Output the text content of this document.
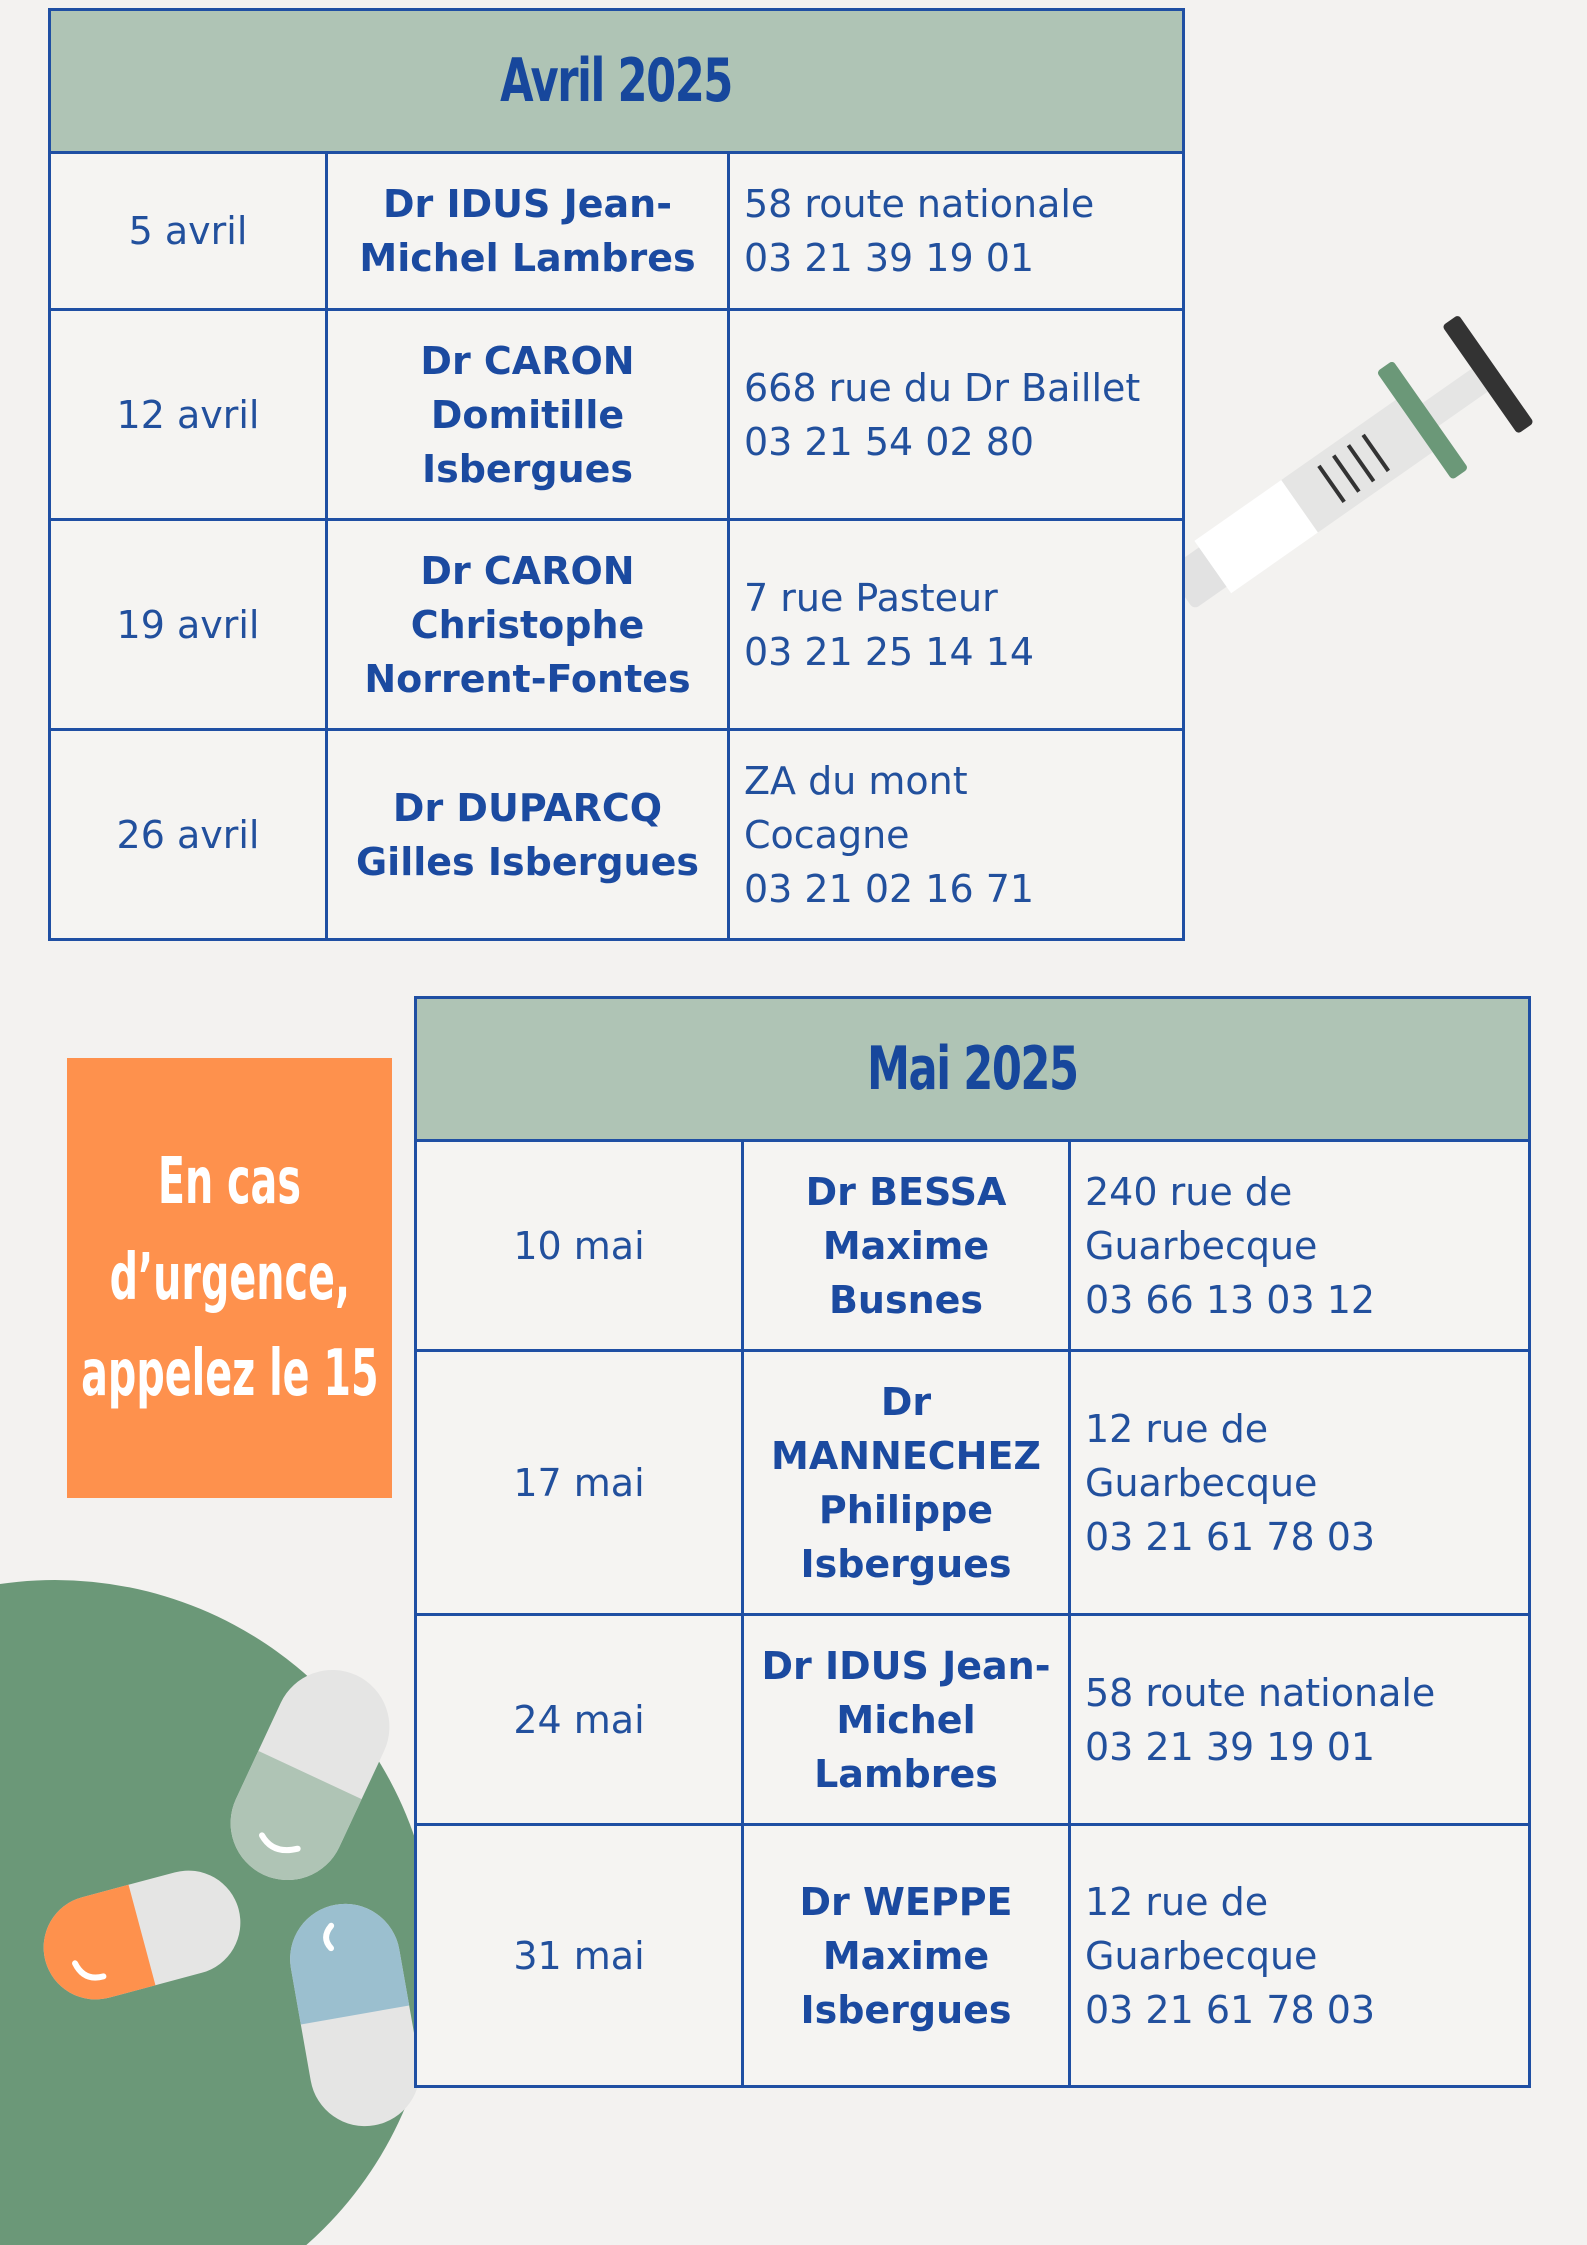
Avril 2025		
5 avril	Dr IDUS Jean-
Michel Lambres	58 route nationale
03 21 39 19 01

12 avril	Dr CARON
Domitille
Isbergues	668 rue du Dr Baillet
03 21 54 02 80

19 avril	Dr CARON
Christophe
Norrent-Fontes	7 rue Pasteur
03 21 25 14 14

26 avril	Dr DUPARCQ
Gilles Isbergues	ZA du mont
Cocagne
03 21 02 16 71
En cas
d’urgence,
appelez le 15
Mai 2025		
10 mai	Dr BESSA
Maxime
Busnes	240 rue de
Guarbecque
03 66 13 03 12

17 mai	Dr
MANNECHEZ
Philippe
Isbergues	12 rue de
Guarbecque
03 21 61 78 03

24 mai	Dr IDUS Jean-
Michel
Lambres	58 route nationale
03 21 39 19 01

31 mai	Dr WEPPE
Maxime
Isbergues	12 rue de
Guarbecque
03 21 61 78 03
